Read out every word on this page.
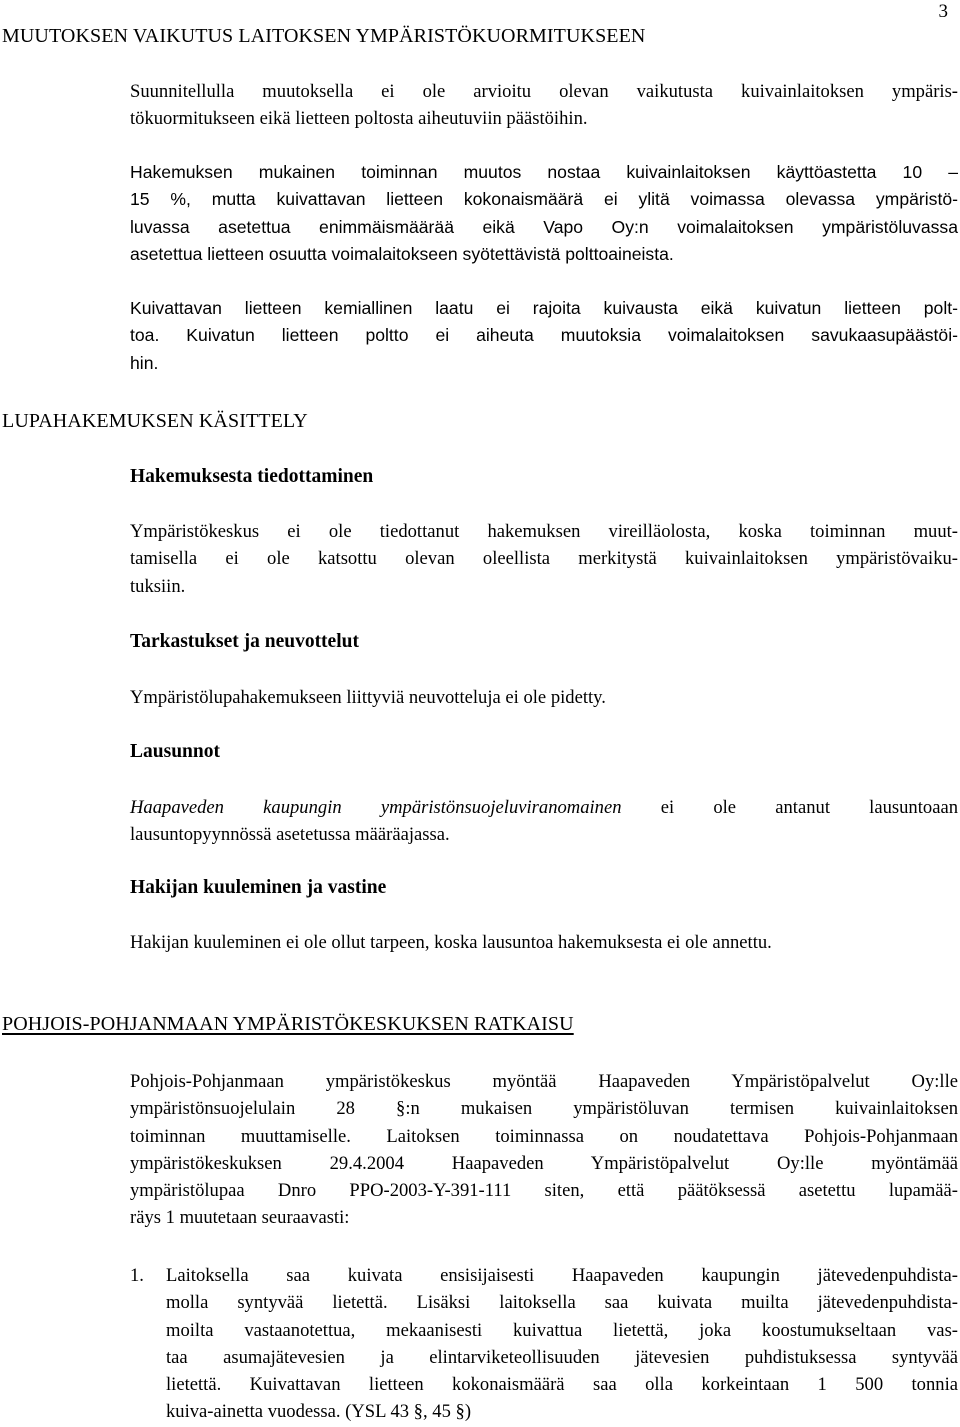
3
MUUTOKSEN VAIKUTUS LAITOKSEN YMPÄRISTÖKUORMITUKSEEN
Suunnitellulla muutoksella ei ole arvioitu olevan vaikutusta kuivainlaitoksen ympäris-
tökuormitukseen eikä lietteen poltosta aiheutuviin päästöihin.
Hakemuksen mukainen toiminnan muutos nostaa kuivainlaitoksen käyttöastetta 10 –
15 %, mutta kuivattavan lietteen kokonaismäärä ei ylitä voimassa olevassa ympäristö-
luvassa asetettua enimmäismäärää eikä Vapo Oy:n voimalaitoksen ympäristöluvassa
asetettua lietteen osuutta voimalaitokseen syötettävistä polttoaineista.
Kuivattavan lietteen kemiallinen laatu ei rajoita kuivausta eikä kuivatun lietteen polt-
toa. Kuivatun lietteen poltto ei aiheuta muutoksia voimalaitoksen savukaasupäästöi-
hin.
LUPAHAKEMUKSEN KÄSITTELY
Hakemuksesta tiedottaminen
Ympäristökeskus ei ole tiedottanut hakemuksen vireilläolosta, koska toiminnan muut-
tamisella ei ole katsottu olevan oleellista merkitystä kuivainlaitoksen ympäristövaiku-
tuksiin.
Tarkastukset ja neuvottelut
Ympäristölupahakemukseen liittyviä neuvotteluja ei ole pidetty.
Lausunnot
Haapaveden kaupungin ympäristönsuojeluviranomainen ei ole antanut lausuntoaan
lausuntopyynnössä asetetussa määräajassa.
Hakijan kuuleminen ja vastine
Hakijan kuuleminen ei ole ollut tarpeen, koska lausuntoa hakemuksesta ei ole annettu.
POHJOIS-POHJANMAAN YMPÄRISTÖKESKUKSEN RATKAISU
Pohjois-Pohjanmaan ympäristökeskus myöntää Haapaveden Ympäristöpalvelut Oy:lle
ympäristönsuojelulain 28 §:n mukaisen ympäristöluvan termisen kuivainlaitoksen
toiminnan muuttamiselle. Laitoksen toiminnassa on noudatettava Pohjois-Pohjanmaan
ympäristökeskuksen 29.4.2004 Haapaveden Ympäristöpalvelut Oy:lle myöntämää
ympäristölupaa Dnro PPO-2003-Y-391-111 siten, että päätöksessä asetettu lupamää-
räys 1 muutetaan seuraavasti:
1. Laitoksella saa kuivata ensisijaisesti Haapaveden kaupungin jätevedenpuhdista-
molla syntyvää lietettä. Lisäksi laitoksella saa kuivata muilta jätevedenpuhdista-
moilta vastaanotettua, mekaanisesti kuivattua lietettä, joka koostumukseltaan vas-
taa asumajätevesien ja elintarviketeollisuuden jätevesien puhdistuksessa syntyvää
lietettä. Kuivattavan lietteen kokonaismäärä saa olla korkeintaan 1 500 tonnia
kuiva-ainetta vuodessa. (YSL 43 §, 45 §)
